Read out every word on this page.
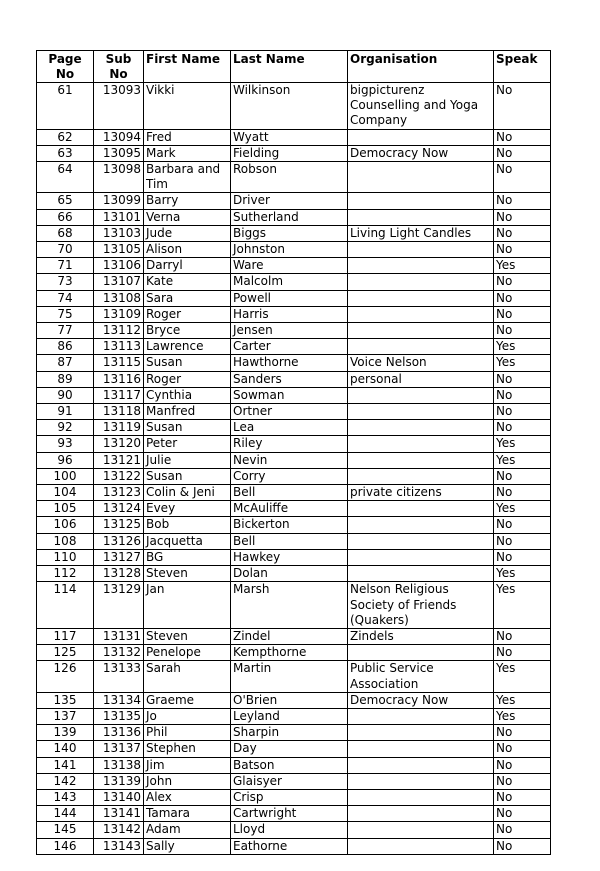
Page No	Sub No	First Name	Last Name	Organisation	Speak
61	13093	Vikki	Wilkinson	bigpicturenz Counselling and Yoga Company	No
62	13094	Fred	Wyatt		No
63	13095	Mark	Fielding	Democracy Now	No
64	13098	Barbara and Tim	Robson		No
65	13099	Barry	Driver		No
66	13101	Verna	Sutherland		No
68	13103	Jude	Biggs	Living Light Candles	No
70	13105	Alison	Johnston		No
71	13106	Darryl	Ware		Yes
73	13107	Kate	Malcolm		No
74	13108	Sara	Powell		No
75	13109	Roger	Harris		No
77	13112	Bryce	Jensen		No
86	13113	Lawrence	Carter		Yes
87	13115	Susan	Hawthorne	Voice Nelson	Yes
89	13116	Roger	Sanders	personal	No
90	13117	Cynthia	Sowman		No
91	13118	Manfred	Ortner		No
92	13119	Susan	Lea		No
93	13120	Peter	Riley		Yes
96	13121	Julie	Nevin		Yes
100	13122	Susan	Corry		No
104	13123	Colin & Jeni	Bell	private citizens	No
105	13124	Evey	McAuliffe		Yes
106	13125	Bob	Bickerton		No
108	13126	Jacquetta	Bell		No
110	13127	BG	Hawkey		No
112	13128	Steven	Dolan		Yes
114	13129	Jan	Marsh	Nelson Religious Society of Friends (Quakers)	Yes
117	13131	Steven	Zindel	Zindels	No
125	13132	Penelope	Kempthorne		No
126	13133	Sarah	Martin	Public Service Association	Yes
135	13134	Graeme	O'Brien	Democracy Now	Yes
137	13135	Jo	Leyland		Yes
139	13136	Phil	Sharpin		No
140	13137	Stephen	Day		No
141	13138	Jim	Batson		No
142	13139	John	Glaisyer		No
143	13140	Alex	Crisp		No
144	13141	Tamara	Cartwright		No
145	13142	Adam	Lloyd		No
146	13143	Sally	Eathorne		No
